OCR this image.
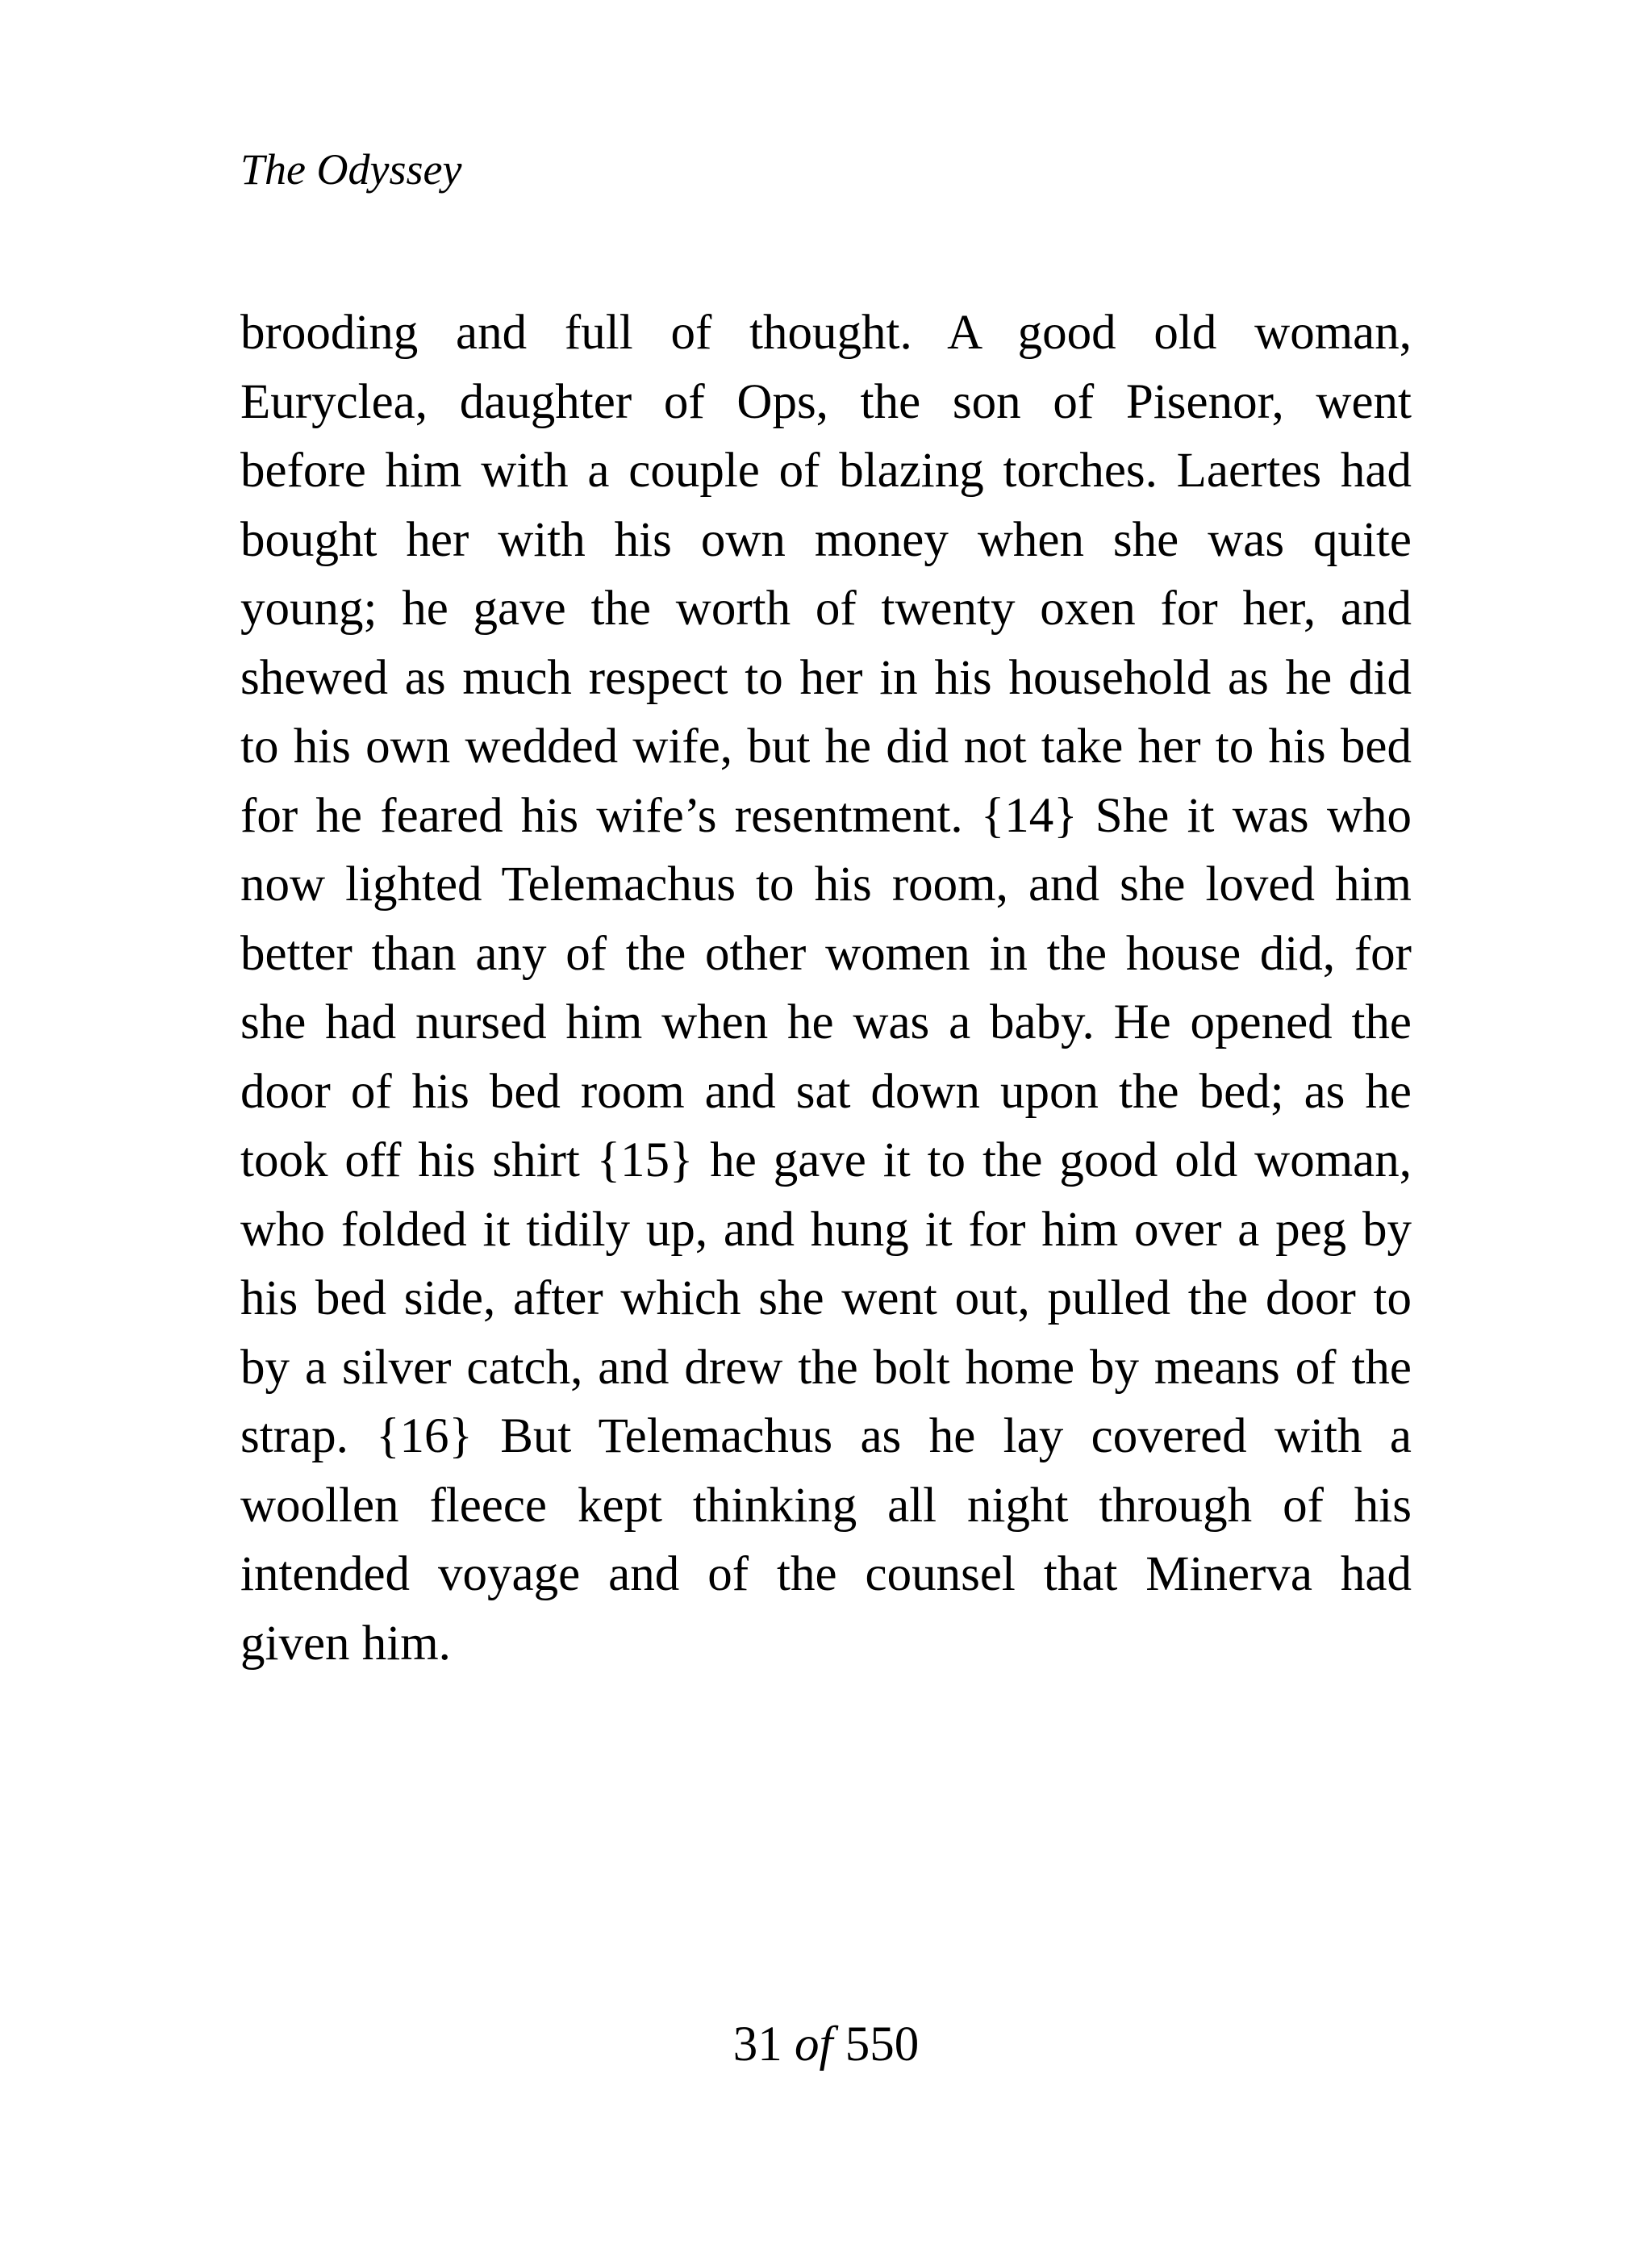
The Odyssey
brooding and full of thought. A good old woman,
Euryclea, daughter of Ops, the son of Pisenor, went
before him with a couple of blazing torches. Laertes had
bought her with his own money when she was quite
young; he gave the worth of twenty oxen for her, and
shewed as much respect to her in his household as he did
to his own wedded wife, but he did not take her to his bed
for he feared his wife’s resentment. {14} She it was who
now lighted Telemachus to his room, and she loved him
better than any of the other women in the house did, for
she had nursed him when he was a baby. He opened the
door of his bed room and sat down upon the bed; as he
took off his shirt {15} he gave it to the good old woman,
who folded it tidily up, and hung it for him over a peg by
his bed side, after which she went out, pulled the door to
by a silver catch, and drew the bolt home by means of the
strap. {16} But Telemachus as he lay covered with a
woollen fleece kept thinking all night through of his
intended voyage and of the counsel that Minerva had
given him.
31 of 550
